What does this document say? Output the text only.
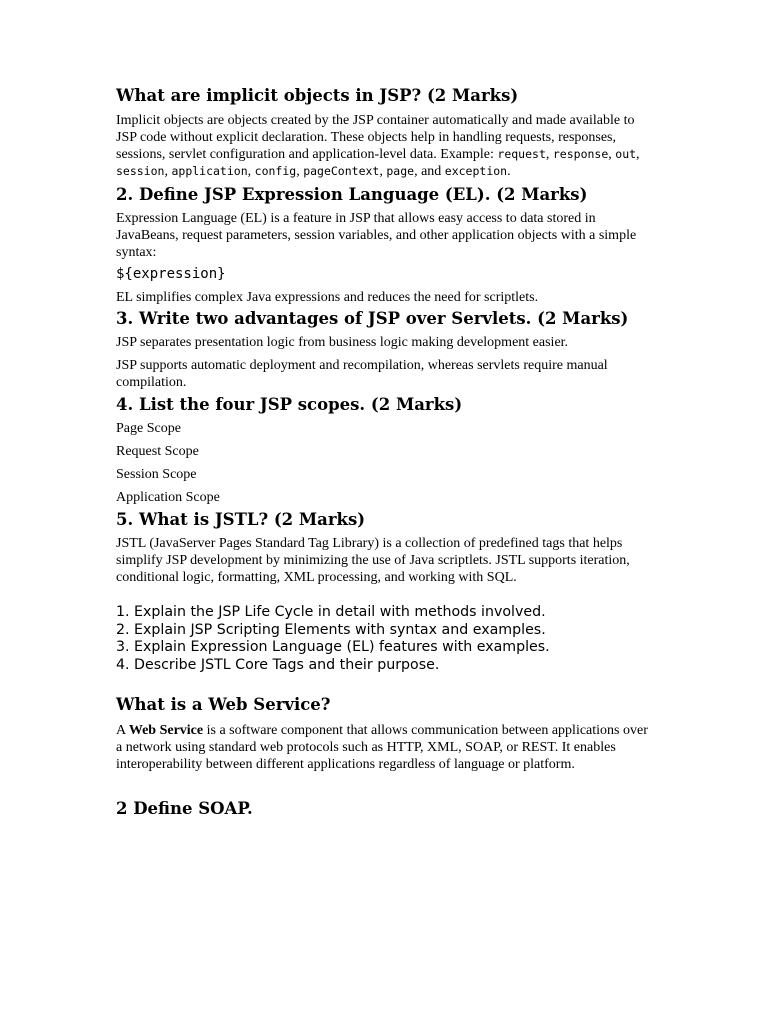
What are implicit objects in JSP? (2 Marks)

Implicit objects are objects created by the JSP container automatically and made available to JSP code without explicit declaration. These objects help in handling requests, responses, sessions, servlet configuration and application-level data. Example: request, response, out, session, application, config, pageContext, page, and exception.

2. Define JSP Expression Language (EL). (2 Marks)

Expression Language (EL) is a feature in JSP that allows easy access to data stored in JavaBeans, request parameters, session variables, and other application objects with a simple syntax:

${expression}

EL simplifies complex Java expressions and reduces the need for scriptlets.

3. Write two advantages of JSP over Servlets. (2 Marks)

JSP separates presentation logic from business logic making development easier.

JSP supports automatic deployment and recompilation, whereas servlets require manual compilation.

4. List the four JSP scopes. (2 Marks)

Page Scope

Request Scope

Session Scope

Application Scope

5. What is JSTL? (2 Marks)

JSTL (JavaServer Pages Standard Tag Library) is a collection of predefined tags that helps simplify JSP development by minimizing the use of Java scriptlets. JSTL supports iteration, conditional logic, formatting, XML processing, and working with SQL.

1. Explain the JSP Life Cycle in detail with methods involved.

2. Explain JSP Scripting Elements with syntax and examples.

3. Explain Expression Language (EL) features with examples.

4. Describe JSTL Core Tags and their purpose.

What is a Web Service?

A Web Service is a software component that allows communication between applications over a network using standard web protocols such as HTTP, XML, SOAP, or REST. It enables interoperability between different applications regardless of language or platform.

2 Define SOAP.
